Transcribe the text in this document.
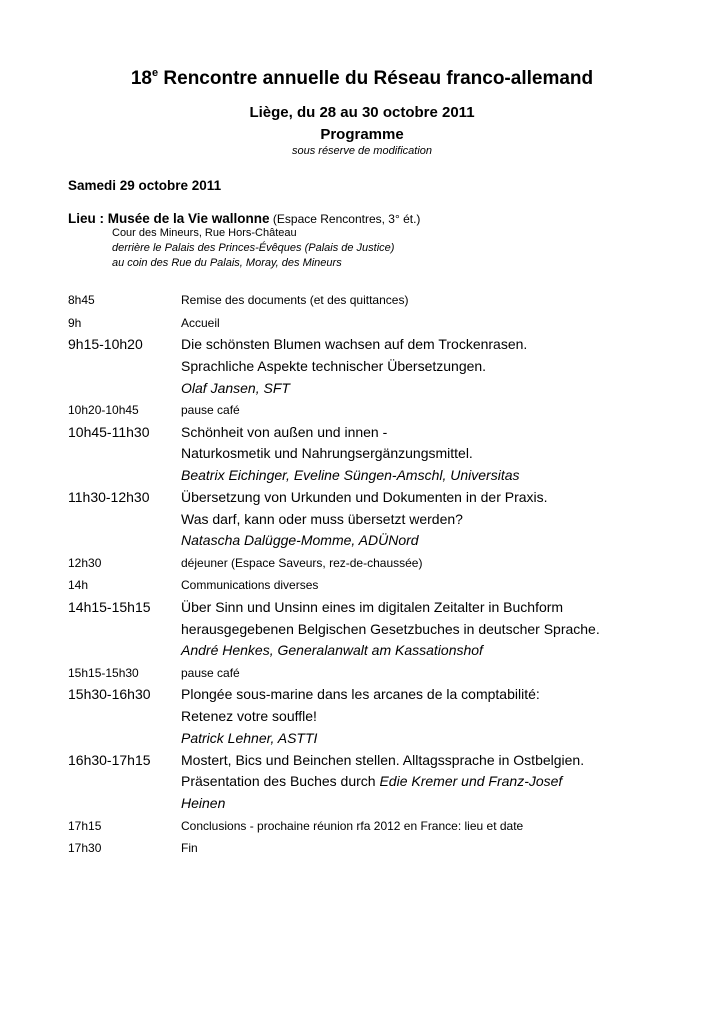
18e Rencontre annuelle du Réseau franco-allemand
Liège, du 28 au 30 octobre 2011
Programme
sous réserve de modification
Samedi 29 octobre 2011
Lieu : Musée de la Vie wallonne (Espace Rencontres, 3° ét.)
Cour des Mineurs, Rue Hors-Château
derrière le Palais des Princes-Évêques (Palais de Justice)
au coin des Rue du Palais, Moray, des Mineurs
8h45	Remise des documents (et des quittances)
9h	Accueil
9h15-10h20	Die schönsten Blumen wachsen auf dem Trockenrasen.
Sprachliche Aspekte technischer Übersetzungen.
Olaf Jansen, SFT
10h20-10h45	pause café
10h45-11h30 Schönheit von außen und innen -
Naturkosmetik und Nahrungsergänzungsmittel.
Beatrix Eichinger, Eveline Süngen-Amschl, Universitas
11h30-12h30 Übersetzung von Urkunden und Dokumenten in der Praxis.
Was darf, kann oder muss übersetzt werden?
Natascha Dalügge-Momme, ADÜNord
12h30	déjeuner (Espace Saveurs, rez-de-chaussée)
14h	Communications diverses
14h15-15h15 Über Sinn und Unsinn eines im digitalen Zeitalter in Buchform
herausgegebenen Belgischen Gesetzbuches in deutscher Sprache.
André Henkes, Generalanwalt am Kassationshof
15h15-15h30	pause café
15h30-16h30 Plongée sous-marine dans les arcanes de la comptabilité:
Retenez votre souffle!
Patrick Lehner, ASTTI
16h30-17h15 Mostert, Bics und Beinchen stellen. Alltagssprache in Ostbelgien.
Präsentation des Buches durch Edie Kremer und Franz-Josef
Heinen
17h15	Conclusions - prochaine réunion rfa 2012 en France: lieu et date
17h30	Fin
